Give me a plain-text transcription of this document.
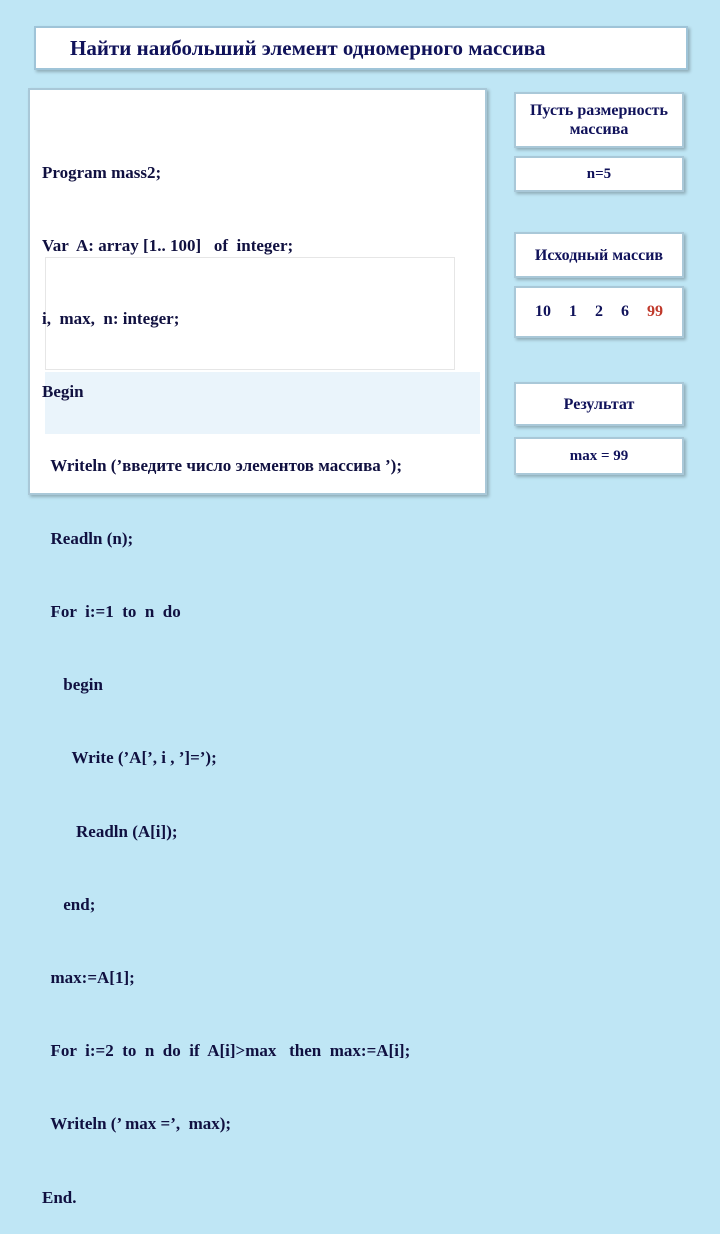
Найти наибольший элемент одномерного массива

Program mass2;

Var  A: array [1.. 100]   of  integer;

i,  max,  n: integer;

Begin

Writeln (’введите число элементов массива ’);

Readln (n);

For  i:=1  to  n  do

begin

Write (’A[’, i , ’]=’);

Readln (A[i]);

end;

max:=A[1];

For  i:=2  to  n  do  if  A[i]>max   then  max:=A[i];

Writeln (’ max =’,  max);

End.

Пусть размерность массива
n=5
Исходный массив
10 1 2 6 99
Результат
max = 99
